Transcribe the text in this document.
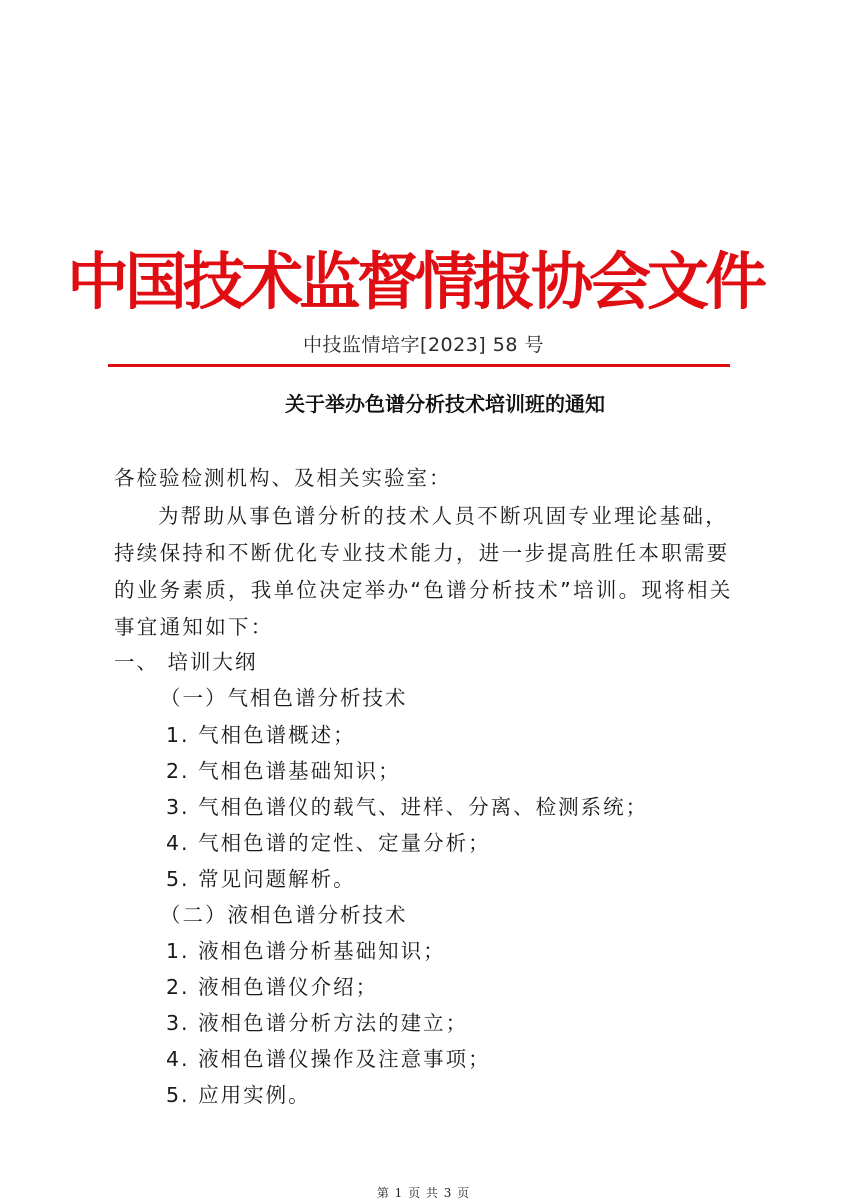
中国技术监督情报协会文件
中技监情培字[2023] 58 号
关于举办色谱分析技术培训班的通知
各检验检测机构、及相关实验室：
为帮助从事色谱分析的技术人员不断巩固专业理论基础，持续保持和不断优化专业技术能力，进一步提高胜任本职需要的业务素质，我单位决定举办“色谱分析技术”培训。现将相关事宜通知如下：
一、 培训大纲
（一）气相色谱分析技术
1. 气相色谱概述；
2. 气相色谱基础知识；
3. 气相色谱仪的载气、进样、分离、检测系统；
4. 气相色谱的定性、定量分析；
5. 常见问题解析。
（二）液相色谱分析技术
1. 液相色谱分析基础知识；
2. 液相色谱仪介绍；
3. 液相色谱分析方法的建立；
4. 液相色谱仪操作及注意事项；
5. 应用实例。
第 1 页 共 3 页
